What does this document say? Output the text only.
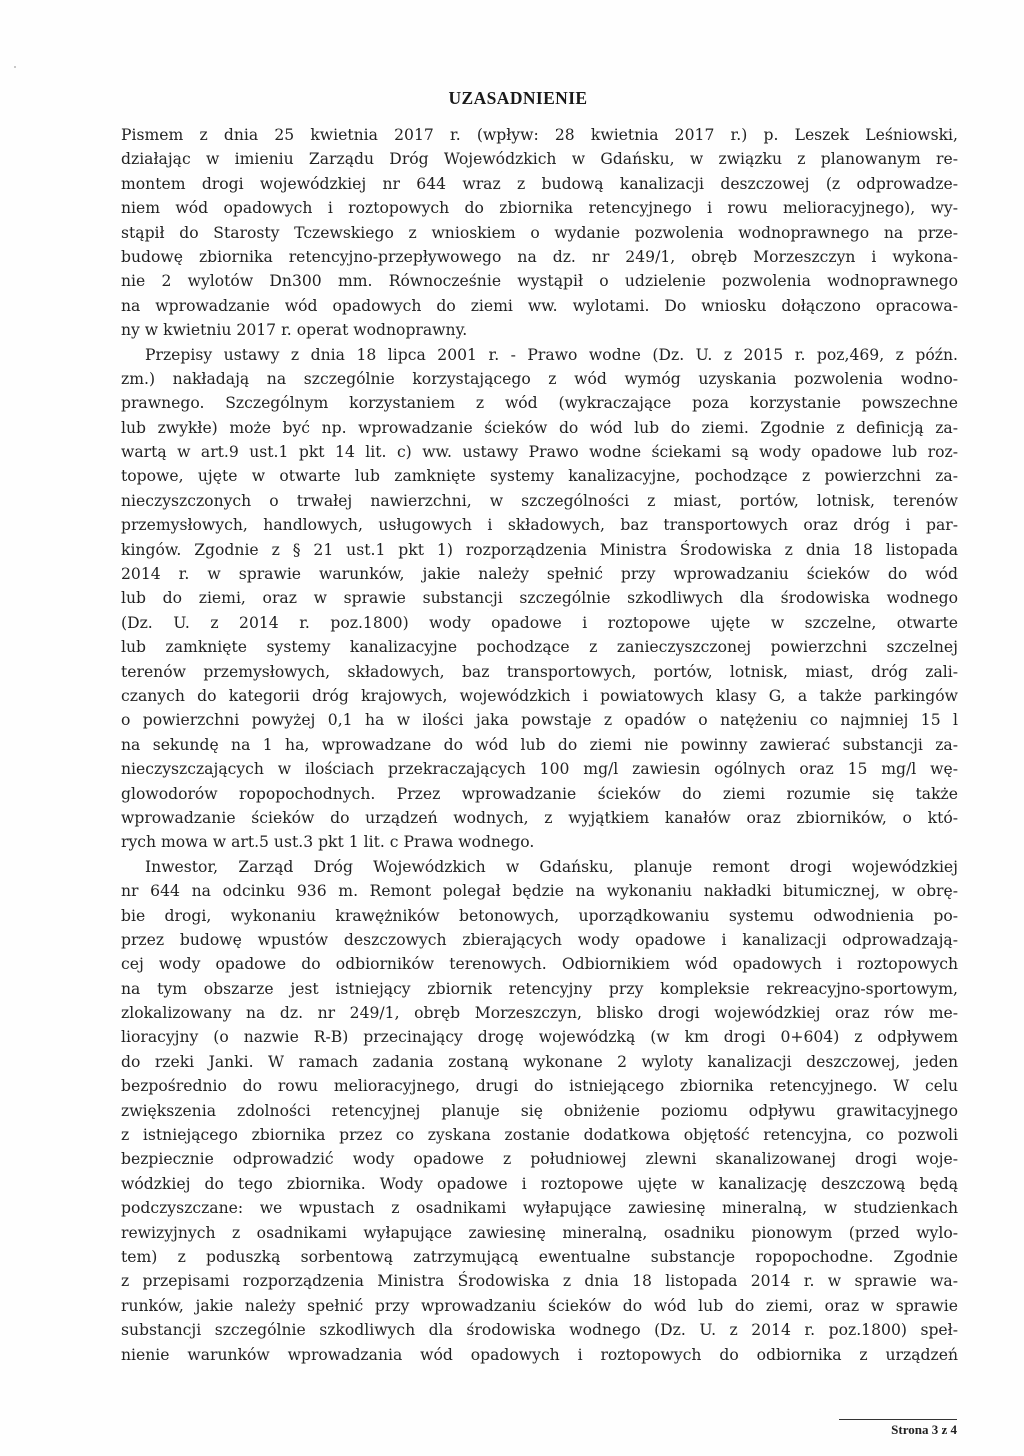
UZASADNIENIE
Pismem z dnia 25 kwietnia 2017 r. (wpływ: 28 kwietnia 2017 r.) p. Leszek Leśniowski,
działając w imieniu Zarządu Dróg Wojewódzkich w Gdańsku, w związku z planowanym re-
montem drogi wojewódzkiej nr 644 wraz z budową kanalizacji deszczowej (z odprowadze-
niem wód opadowych i roztopowych do zbiornika retencyjnego i rowu melioracyjnego), wy-
stąpił do Starosty Tczewskiego z wnioskiem o wydanie pozwolenia wodnoprawnego na prze-
budowę zbiornika retencyjno-przepływowego na dz. nr 249/1, obręb Morzeszczyn i wykona-
nie 2 wylotów Dn300 mm. Równocześnie wystąpił o udzielenie pozwolenia wodnoprawnego
na wprowadzanie wód opadowych do ziemi ww. wylotami. Do wniosku dołączono opracowa-
ny w kwietniu 2017 r. operat wodnoprawny.
Przepisy ustawy z dnia 18 lipca 2001 r. - Prawo wodne (Dz. U. z 2015 r. poz,469, z późn.
zm.) nakładają na szczególnie korzystającego z wód wymóg uzyskania pozwolenia wodno-
prawnego. Szczególnym korzystaniem z wód (wykraczające poza korzystanie powszechne
lub zwykłe) może być np. wprowadzanie ścieków do wód lub do ziemi. Zgodnie z definicją za-
wartą w art.9 ust.1 pkt 14 lit. c) ww. ustawy Prawo wodne ściekami są wody opadowe lub roz-
topowe, ujęte w otwarte lub zamknięte systemy kanalizacyjne, pochodzące z powierzchni za-
nieczyszczonych o trwałej nawierzchni, w szczególności z miast, portów, lotnisk, terenów
przemysłowych, handlowych, usługowych i składowych, baz transportowych oraz dróg i par-
kingów. Zgodnie z § 21 ust.1 pkt 1) rozporządzenia Ministra Środowiska z dnia 18 listopada
2014 r. w sprawie warunków, jakie należy spełnić przy wprowadzaniu ścieków do wód
lub do ziemi, oraz w sprawie substancji szczególnie szkodliwych dla środowiska wodnego
(Dz. U. z 2014 r. poz.1800) wody opadowe i roztopowe ujęte w szczelne, otwarte
lub zamknięte systemy kanalizacyjne pochodzące z zanieczyszczonej powierzchni szczelnej
terenów przemysłowych, składowych, baz transportowych, portów, lotnisk, miast, dróg zali-
czanych do kategorii dróg krajowych, wojewódzkich i powiatowych klasy G, a także parkingów
o powierzchni powyżej 0,1 ha w ilości jaka powstaje z opadów o natężeniu co najmniej 15 l
na sekundę na 1 ha, wprowadzane do wód lub do ziemi nie powinny zawierać substancji za-
nieczyszczających w ilościach przekraczających 100 mg/l zawiesin ogólnych oraz 15 mg/l wę-
glowodorów ropopochodnych. Przez wprowadzanie ścieków do ziemi rozumie się także
wprowadzanie ścieków do urządzeń wodnych, z wyjątkiem kanałów oraz zbiorników, o któ-
rych mowa w art.5 ust.3 pkt 1 lit. c Prawa wodnego.
Inwestor, Zarząd Dróg Wojewódzkich w Gdańsku, planuje remont drogi wojewódzkiej
nr 644 na odcinku 936 m. Remont polegał będzie na wykonaniu nakładki bitumicznej, w obrę-
bie drogi, wykonaniu krawężników betonowych, uporządkowaniu systemu odwodnienia po-
przez budowę wpustów deszczowych zbierających wody opadowe i kanalizacji odprowadzają-
cej wody opadowe do odbiorników terenowych. Odbiornikiem wód opadowych i roztopowych
na tym obszarze jest istniejący zbiornik retencyjny przy kompleksie rekreacyjno-sportowym,
zlokalizowany na dz. nr 249/1, obręb Morzeszczyn, blisko drogi wojewódzkiej oraz rów me-
lioracyjny (o nazwie R-B) przecinający drogę wojewódzką (w km drogi 0+604) z odpływem
do rzeki Janki. W ramach zadania zostaną wykonane 2 wyloty kanalizacji deszczowej, jeden
bezpośrednio do rowu melioracyjnego, drugi do istniejącego zbiornika retencyjnego. W celu
zwiększenia zdolności retencyjnej planuje się obniżenie poziomu odpływu grawitacyjnego
z istniejącego zbiornika przez co zyskana zostanie dodatkowa objętość retencyjna, co pozwoli
bezpiecznie odprowadzić wody opadowe z południowej zlewni skanalizowanej drogi woje-
wódzkiej do tego zbiornika. Wody opadowe i roztopowe ujęte w kanalizację deszczową będą
podczyszczane: we wpustach z osadnikami wyłapujące zawiesinę mineralną, w studzienkach
rewizyjnych z osadnikami wyłapujące zawiesinę mineralną, osadniku pionowym (przed wylo-
tem) z poduszką sorbentową zatrzymującą ewentualne substancje ropopochodne. Zgodnie
z przepisami rozporządzenia Ministra Środowiska z dnia 18 listopada 2014 r. w sprawie wa-
runków, jakie należy spełnić przy wprowadzaniu ścieków do wód lub do ziemi, oraz w sprawie
substancji szczególnie szkodliwych dla środowiska wodnego (Dz. U. z 2014 r. poz.1800) speł-
nienie warunków wprowadzania wód opadowych i roztopowych do odbiornika z urządzeń
Strona 3 z 4
